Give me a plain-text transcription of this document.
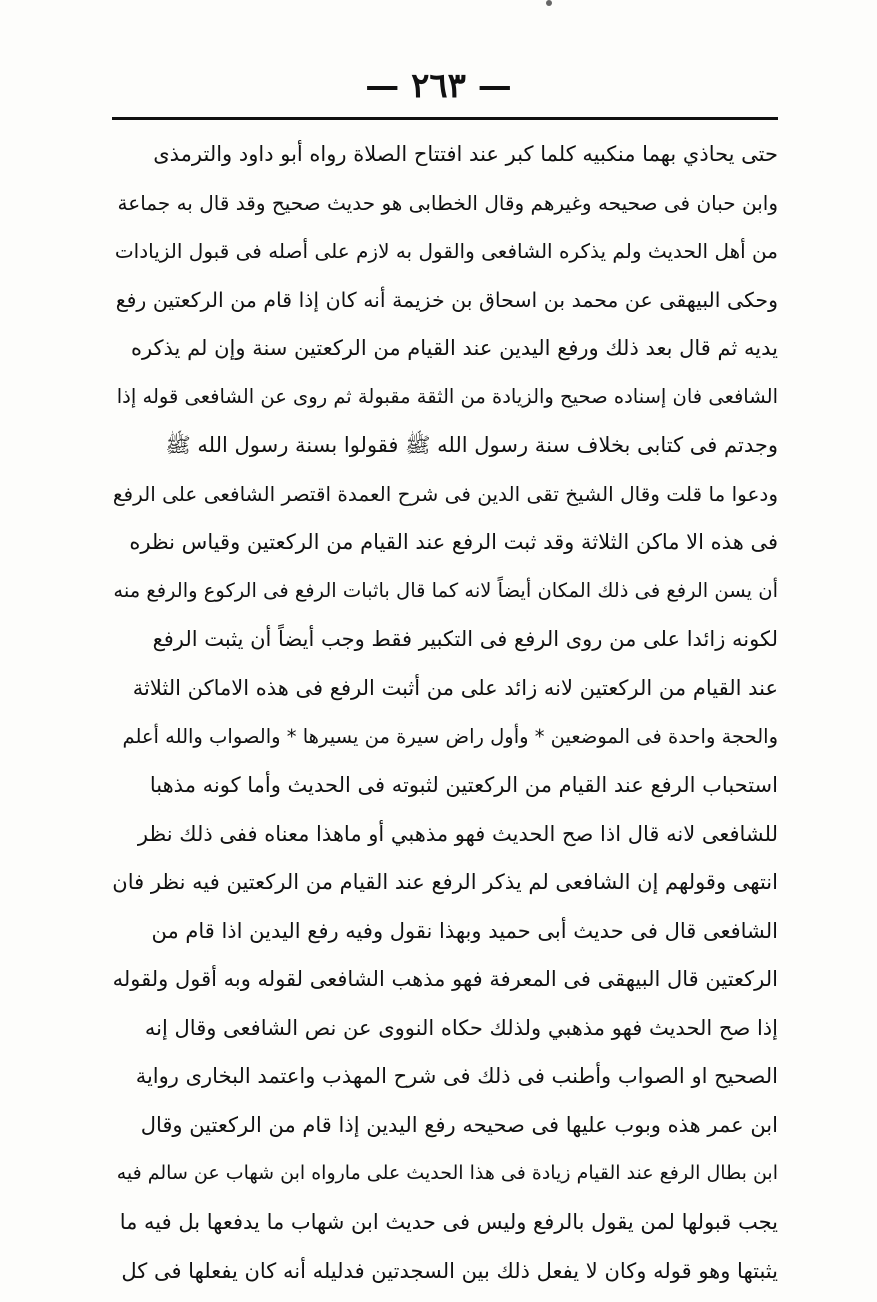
— ٢٦٣ —
حتى يحاذي بهما منكبيه كلما كبر عند افتتاح الصلاة رواه أبو داود والترمذى
وابن حبان فى صحيحه وغيرهم وقال الخطابى هو حديث صحيح وقد قال به جماعة
من أهل الحديث ولم يذكره الشافعى والقول به لازم على أصله فى قبول الزيادات
وحكى البيهقى عن محمد بن اسحاق بن خزيمة أنه كان إذا قام من الركعتين رفع
يديه ثم قال بعد ذلك ورفع اليدين عند القيام من الركعتين سنة وإن لم يذكره
الشافعى فان إسناده صحيح والزيادة من الثقة مقبولة ثم روى عن الشافعى قوله إذا
وجدتم فى كتابى بخلاف سنة رسول الله ﷺ فقولوا بسنة رسول الله ﷺ
ودعوا ما قلت وقال الشيخ تقى الدين فى شرح العمدة اقتصر الشافعى على الرفع
فى هذه الا ماكن الثلاثة وقد ثبت الرفع عند القيام من الركعتين وقياس نظره
أن يسن الرفع فى ذلك المكان أيضاً لانه كما قال باثبات الرفع فى الركوع والرفع منه
لكونه زائدا على من روى الرفع فى التكبير فقط وجب أيضاً أن يثبت الرفع
عند القيام من الركعتين لانه زائد على من أثبت الرفع فى هذه الاماكن الثلاثة
والحجة واحدة فى الموضعين * وأول راض سيرة من يسيرها * والصواب والله أعلم
استحباب الرفع عند القيام من الركعتين لثبوته فى الحديث وأما كونه مذهبا
للشافعى لانه قال اذا صح الحديث فهو مذهبي أو ماهذا معناه ففى ذلك نظر
انتهى وقولهم إن الشافعى لم يذكر الرفع عند القيام من الركعتين فيه نظر فان
الشافعى قال فى حديث أبى حميد وبهذا نقول وفيه رفع اليدين اذا قام من
الركعتين قال البيهقى فى المعرفة فهو مذهب الشافعى لقوله وبه أقول ولقوله
إذا صح الحديث فهو مذهبي ولذلك حكاه النووى عن نص الشافعى وقال إنه
الصحيح او الصواب وأطنب فى ذلك فى شرح المهذب واعتمد البخارى رواية
ابن عمر هذه وبوب عليها فى صحيحه رفع اليدين إذا قام من الركعتين وقال
ابن بطال الرفع عند القيام زيادة فى هذا الحديث على مارواه ابن شهاب عن سالم فيه
يجب قبولها لمن يقول بالرفع وليس فى حديث ابن شهاب ما يدفعها بل فيه ما
يثبتها وهو قوله وكان لا يفعل ذلك بين السجدتين فدليله أنه كان يفعلها فى كل
